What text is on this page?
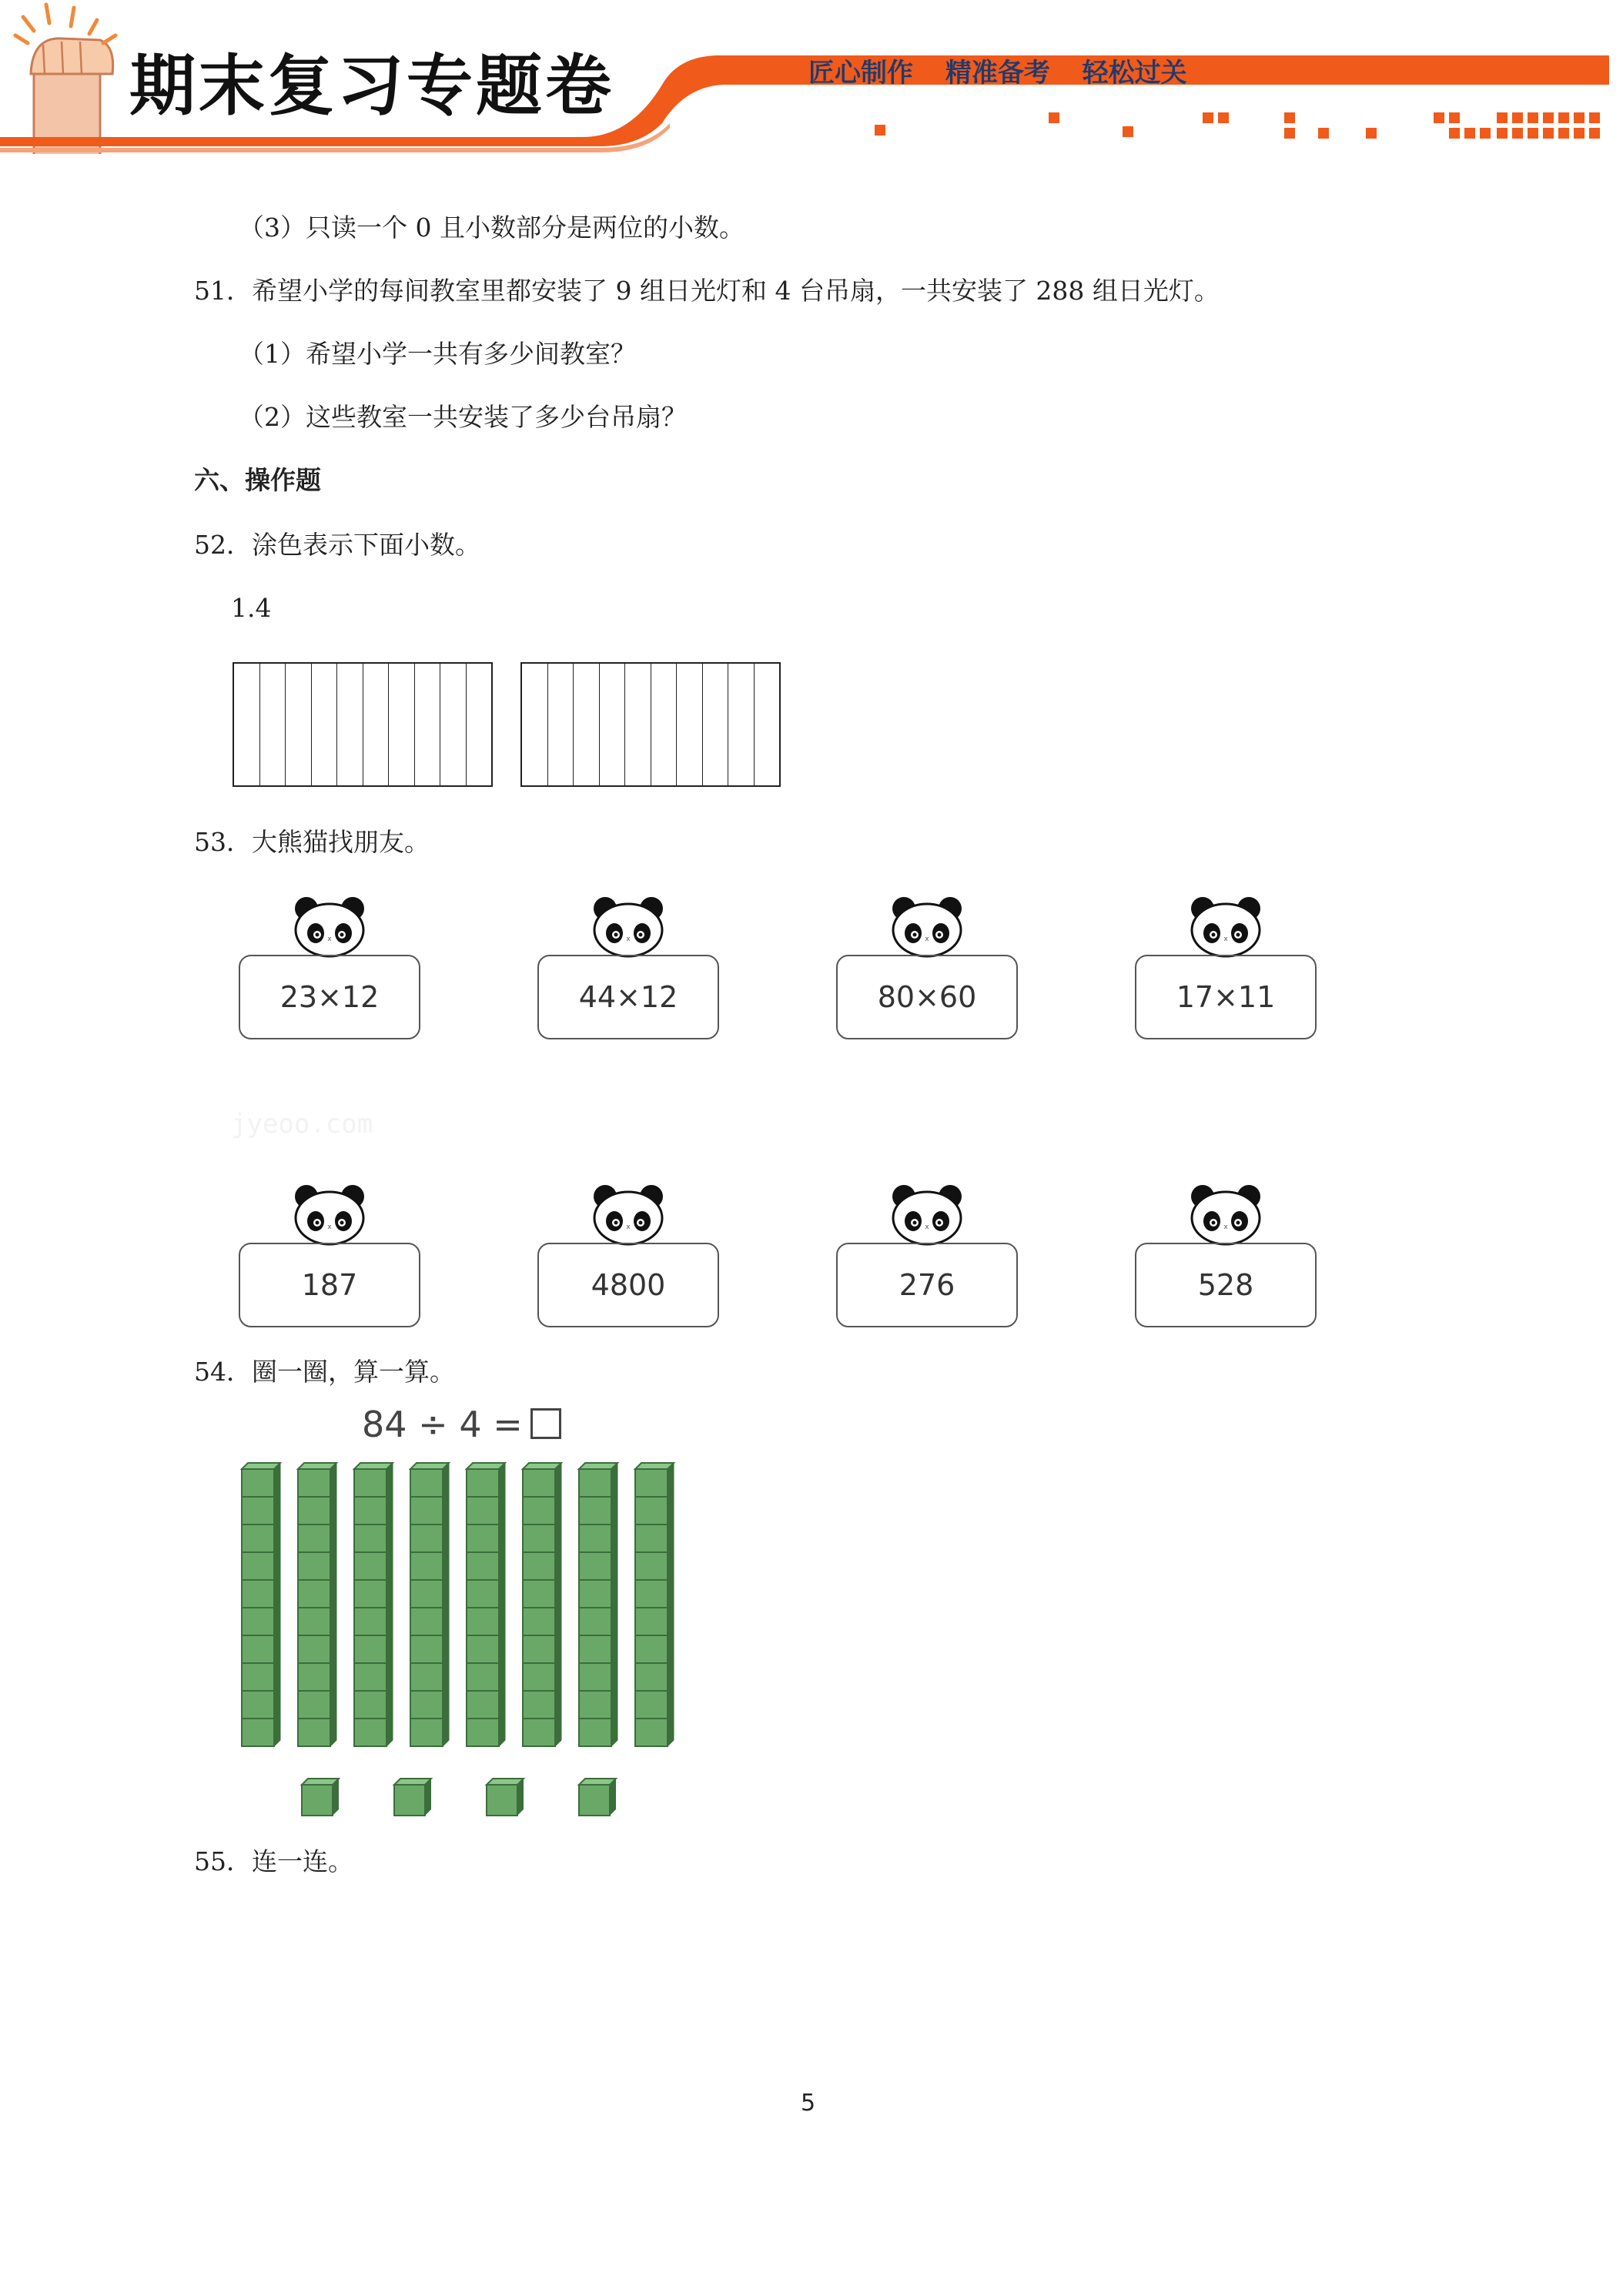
期末复习专题卷	匠心制作 精准备考 轻松过关
（3）只读一个 0 且小数部分是两位的小数。
51．希望小学的每间教室里都安装了 9 组日光灯和 4 台吊扇，一共安装了 288 组日光灯。
（1）希望小学一共有多少间教室？
（2）这些教室一共安装了多少台吊扇？
六、操作题
52．涂色表示下面小数。
1.4
53．大熊猫找朋友。
x
23×12
x
44×12
x
80×60
x
17×11
x
187
x
4800
x
276
x
528
jyeoo.com
54．圈一圈，算一算。
84 ÷ 4 =
55．连一连。
5
